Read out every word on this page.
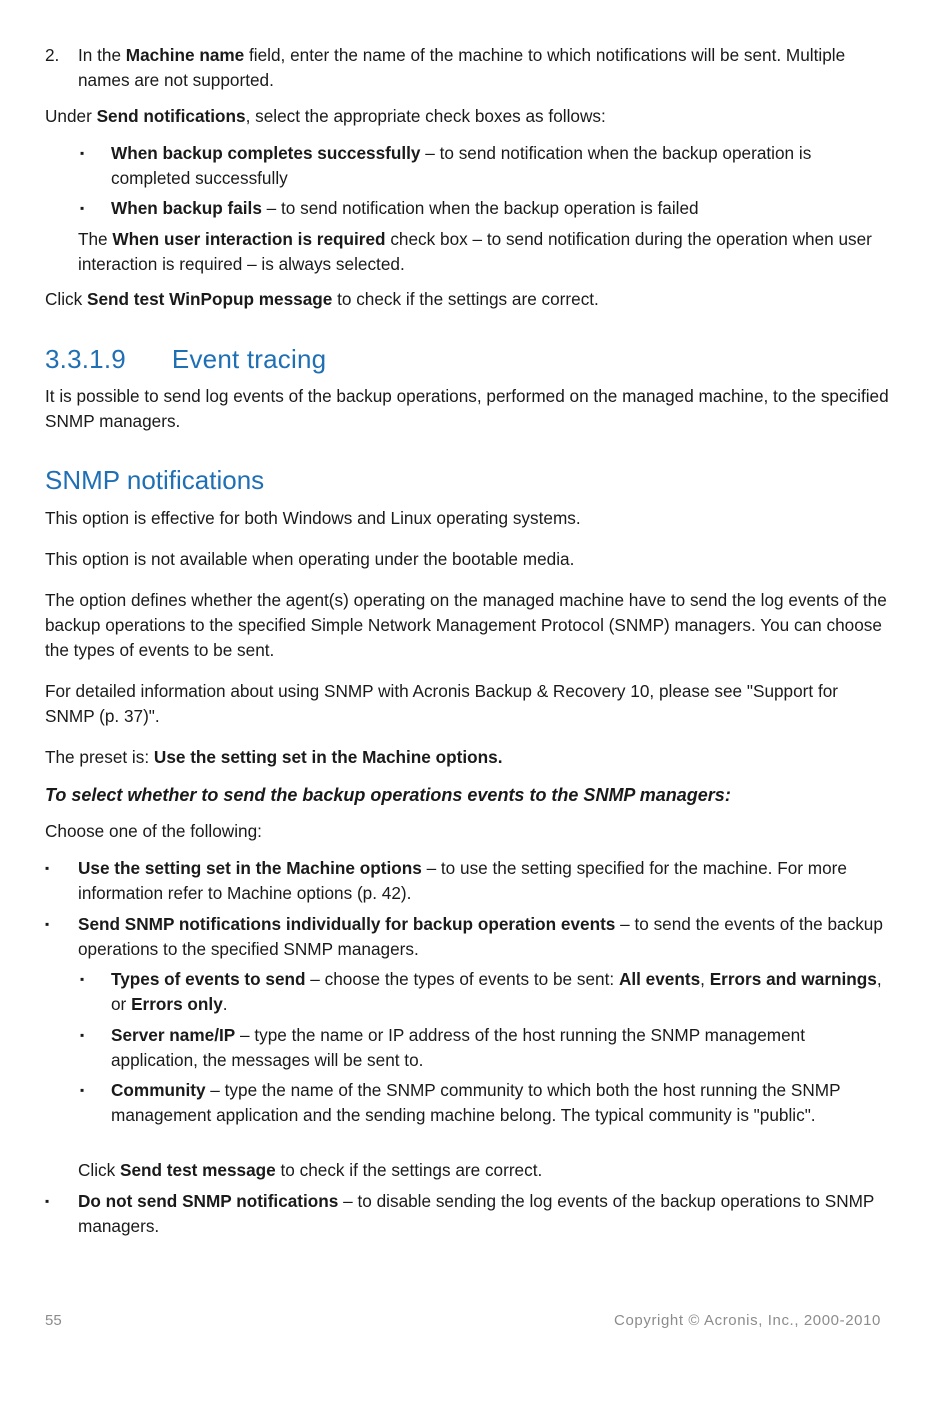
2. In the Machine name field, enter the name of the machine to which notifications will be sent. Multiple names are not supported.

Under Send notifications, select the appropriate check boxes as follows:

▪ When backup completes successfully – to send notification when the backup operation is completed successfully

▪ When backup fails – to send notification when the backup operation is failed

The When user interaction is required check box – to send notification during the operation when user interaction is required – is always selected.

Click Send test WinPopup message to check if the settings are correct.

3.3.1.9 Event tracing

It is possible to send log events of the backup operations, performed on the managed machine, to the specified SNMP managers.

SNMP notifications

This option is effective for both Windows and Linux operating systems.

This option is not available when operating under the bootable media.

The option defines whether the agent(s) operating on the managed machine have to send the log events of the backup operations to the specified Simple Network Management Protocol (SNMP) managers. You can choose the types of events to be sent.

For detailed information about using SNMP with Acronis Backup & Recovery 10, please see "Support for SNMP (p. 37)".

The preset is: Use the setting set in the Machine options.

To select whether to send the backup operations events to the SNMP managers:

Choose one of the following:

▪ Use the setting set in the Machine options – to use the setting specified for the machine. For more information refer to Machine options (p. 42).

▪ Send SNMP notifications individually for backup operation events – to send the events of the backup operations to the specified SNMP managers.

▪ Types of events to send – choose the types of events to be sent: All events, Errors and warnings, or Errors only.

▪ Server name/IP – type the name or IP address of the host running the SNMP management application, the messages will be sent to.

▪ Community – type the name of the SNMP community to which both the host running the SNMP management application and the sending machine belong. The typical community is "public".

Click Send test message to check if the settings are correct.

▪ Do not send SNMP notifications – to disable sending the log events of the backup operations to SNMP managers.

55	Copyright © Acronis, Inc., 2000-2010
